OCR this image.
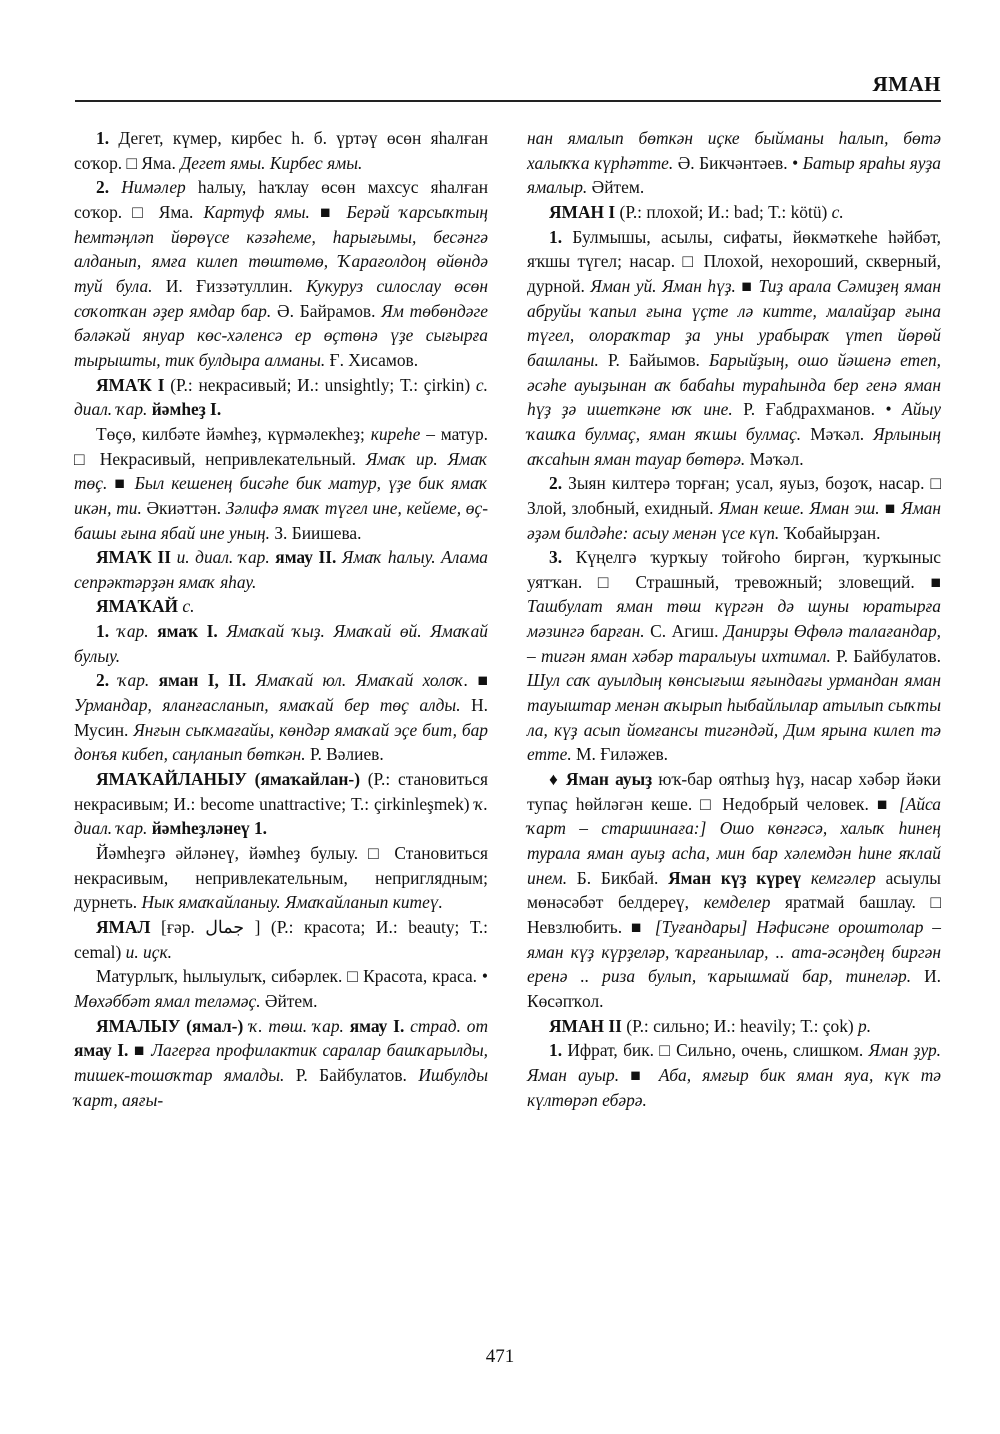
ЯМАН

1. Дегет, күмер, кирбес һ. б. үртәү өсөн яһалған соҡор. □ Яма. Дегет ямы. Кирбес ямы.

2. Нимәлер һалыу, һаҡлау өсөн махсус яһалған соҡор. □ Яма. Картуф ямы. ■ Берәй ҡарсыҡтың һемтәңләп йөрөүсе кәзәһеме, һарығымы, бесәнгә алданып, ямға килеп төштөмө, Ҡарағолдоң өйөндә туй була. И. Ғиззәтуллин. Кукуруз силослау өсөн соҡотҡан әҙер ямдар бар. Ә. Байрамов. Ям төбөндәге бәләкәй януар көс-хәленсә ер өҫтөнә үҙе сығырға тырышты, тик булдыра алманы. Ғ. Хисамов.

ЯМАҠ I (Р.: некрасивый; И.: unsightly; Т.: çirkin) с. диал. ҡар. йәмһеҙ I.

Төҫө, килбәте йәмһеҙ, күрмәлекһеҙ; киреһе – матур. □ Некрасивый, непривлекательный. Ямаҡ ир. Ямаҡ төҫ. ■ Был кешенең бисәһе бик матур, үҙе бик ямаҡ икән, ти. Әкиәттән. Зәлифә ямаҡ түгел ине, кейеме, өҫ-башы ғына ябай ине уның. З. Биишева.

ЯМАҠ II и. диал. ҡар. ямау II. Ямаҡ һалыу. Алама сепрәктәрҙән ямаҡ яһау.

ЯМАҠАЙ с.

1. ҡар. ямаҡ I. Ямаҡай ҡыҙ. Ямаҡай өй. Ямаҡай булыу.

2. ҡар. яман I, II. Ямаҡай юл. Ямаҡай холоҡ. ■ Урмандар, яланғасланып, ямаҡай бер төҫ алды. Н. Мусин. Янғын сыҡмағайы, көндәр ямаҡай эҫе бит, бар донъя кибеп, саңланып бөткән. Р. Вәлиев.

ЯМАҠАЙЛАНЫУ (ямаҡайлан-) (Р.: становиться некрасивым; И.: become unattractive; Т.: çirkinleşmek) ҡ. диал. ҡар. йәмһеҙләнеү 1.

Йәмһеҙгә әйләнеү, йәмһеҙ булыу. □ Становиться некрасивым, непривлекательным, неприглядным; дурнеть. Нык ямаҡайланыу. Ямаҡайланып китеү.

ЯМАЛ [ғәр. جمال ] (Р.: красота; И.: beauty; Т.: cemal) и. иҫк.

Матурлыҡ, һылыулыҡ, сибәрлек. □ Красота, краса. • Мөхәббәт ямал теләмәҫ. Әйтем.

ЯМАЛЫУ (ямал-) ҡ. төш. ҡар. ямау I. страд. от ямау I. ■ Лагерға профилактик саралар башҡарылды, тишек-тошоҡтар ямалды. Р. Байбулатов. Ишбулды ҡарт, аяғы-

нан ямалып бөткән иҫке быйманы һалып, бөтә халыҡҡа күрһәтте. Ә. Бикчәнтәев. • Батыр яраһы яуҙа ямалыр. Әйтем.

ЯМАН I (Р.: плохой; И.: bad; Т.: kötü) с.

1. Булмышы, асылы, сифаты, йөкмәткеһе һәйбәт, яҡшы түгел; насар. □ Плохой, нехороший, скверный, дурной. Яман уй. Яман һүҙ. ■ Тиҙ арала Сәмиҙең яман абруйы ҡапыл ғына үҫте лә китте, малайҙар ғына түгел, олораҡтар ҙа уны урабыраҡ үтеп йөрөй башланы. Р. Байымов. Барыйҙың, ошо йәшенә етеп, әсәһе ауыҙынан аҡ бабаһы тураһында бер генә яман һүҙ ҙә ишеткәне юҡ ине. Р. Ғабдрахманов. • Айыу ҡашҡа булмаҫ, яман яҡшы булмаҫ. Мәҡәл. Ярлының аҡсаһын яман тауар бөтөрә. Мәҡәл.

2. Зыян килтерә торған; усал, яуыз, боҙоҡ, насар. □ Злой, злобный, ехидный. Яман кеше. Яман эш. ■ Яман әҙәм билдәһе: асыу менән үсе күп. Ҡобайырҙан.

3. Күңелгә ҡурҡыу тойғоһо биргән, ҡурҡыныс уятҡан. □ Страшный, тревожный; зловещий. ■ Ташбулат яман төш күргән дә шуны юратырға мәзингә барған. С. Агиш. Данирҙы Өфөлә талағандар, – тигән яман хәбәр таралыуы ихтимал. Р. Байбулатов. Шул саҡ ауылдың көнсығыш яғындағы урмандан яман тауыштар менән аҡырып һыбайлылар атылып сыҡты ла, күҙ асып йомғансы тигәндәй, Дим ярына килеп тә етте. М. Ғиләжев.

♦ Яман ауыҙ юҡ-бар оятһыҙ һүҙ, насар хәбәр йәки тупаҫ һөйләгән кеше. □ Недобрый человек. ■ [Айса ҡарт – старшинаға:] Ошо көнгәсә, халыҡ һинең турала яман ауыҙ асһа, мин бар хәлемдән һине яҡлай инем. Б. Бикбай. Яман күҙ күреү кемгәлер асыулы мөнәсәбәт белдереү, кемделер яратмай башлау. □ Невзлюбить. ■ [Туғандары] Нәфисәне ороштолар – яман күҙ күрҙеләр, ҡарғанылар, .. ата-әсәңдең биргән еренә .. риза булып, ҡарышмай бар, тинеләр. И. Көсәпҡол.

ЯМАН II (Р.: сильно; И.: heavily; Т.: çok) р.

1. Ифрат, бик. □ Сильно, очень, слишком. Яман ҙур. Яман ауыр. ■ Аба, ямғыр бик яман яуа, күк тә күлтөрәп ебәрә.

471
